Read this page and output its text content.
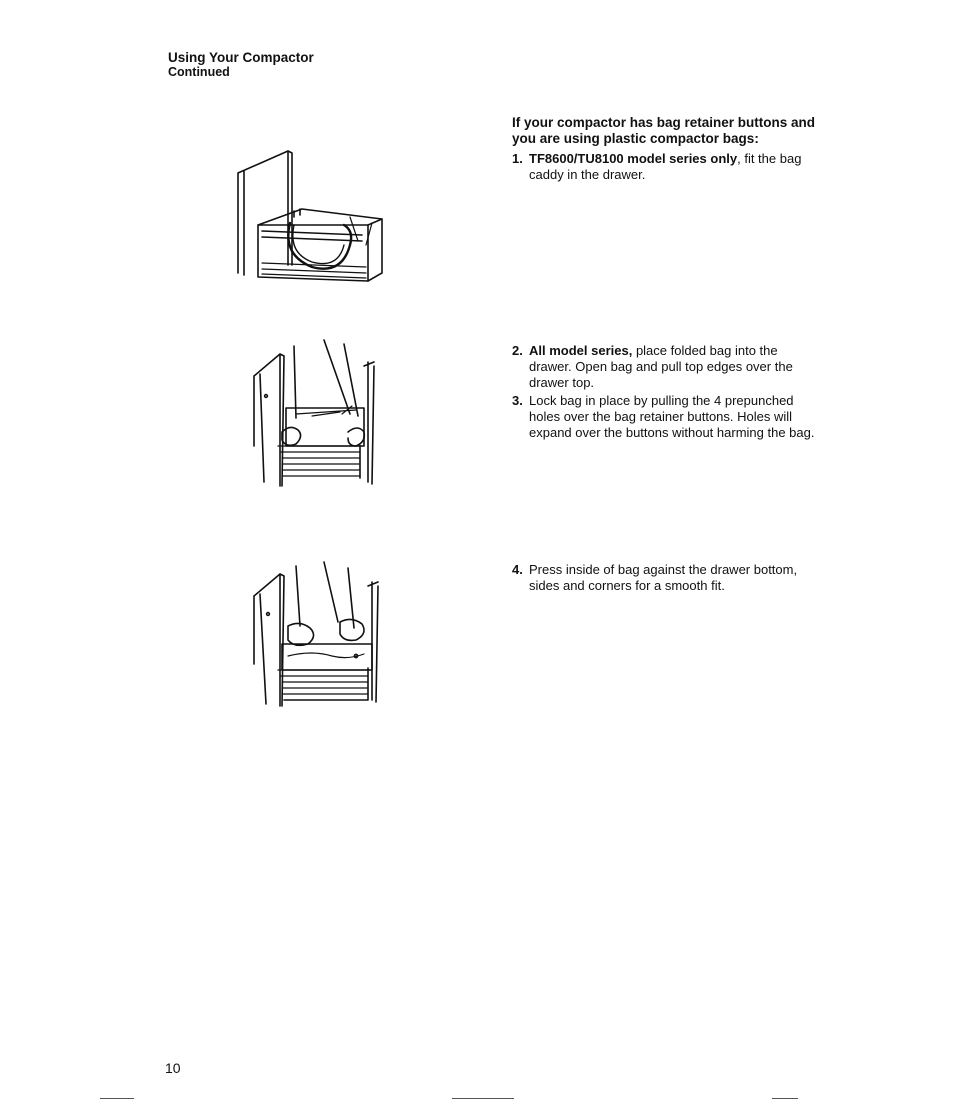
Using Your Compactor
Continued
If your compactor has bag retainer buttons and you are using plastic compactor bags:

1. TF8600/TU8100 model series only, fit the bag caddy in the drawer.

2. All model series, place folded bag into the drawer. Open bag and pull top edges over the drawer top.

3. Lock bag in place by pulling the 4 prepunched holes over the bag retainer buttons. Holes will expand over the buttons without harming the bag.

4. Press inside of bag against the drawer bottom, sides and corners for a smooth fit.

10
